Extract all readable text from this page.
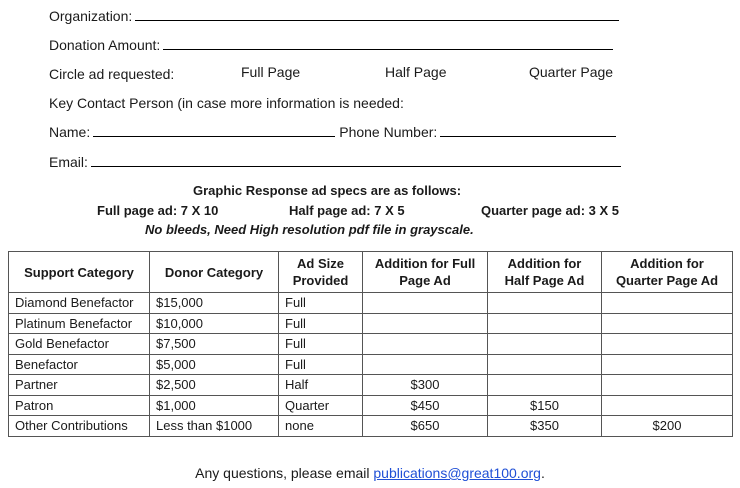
Organization:
Donation Amount:
Circle ad requested:	Full Page	Half Page	Quarter Page
Key Contact Person (in case more information is needed:
Name:	Phone Number:
Email:
Graphic Response ad specs are as follows:
Full page ad: 7 X 10	Half page ad: 7 X 5	Quarter page ad: 3 X 5
No bleeds, Need High resolution pdf file in grayscale.
Support Category	Donor Category	Ad Size Provided	Addition for Full Page Ad	Addition for Half Page Ad	Addition for Quarter Page Ad
Diamond Benefactor	$15,000	Full			
Platinum Benefactor	$10,000	Full			
Gold Benefactor	$7,500	Full			
Benefactor	$5,000	Full			
Partner	$2,500	Half	$300		
Patron	$1,000	Quarter	$450	$150	
Other Contributions	Less than $1000	none	$650	$350	$200
Any questions, please email publications@great100.org.
